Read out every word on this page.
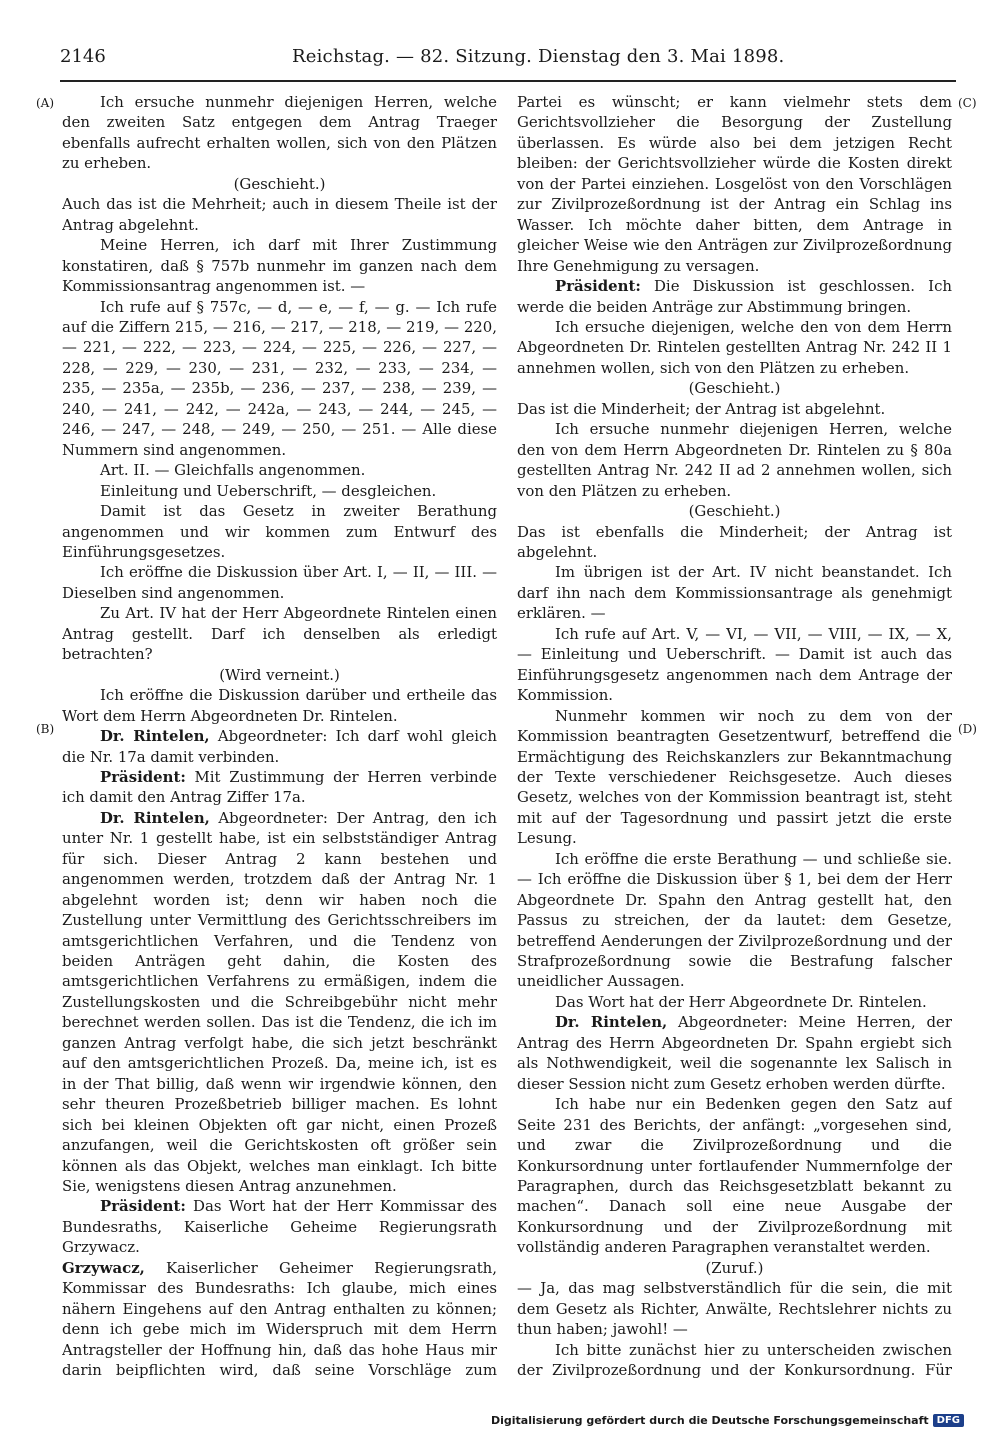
2146	Reichstag. — 82. Sitzung. Dienstag den 3. Mai 1898.
(A)
(B)
(C)
(D)

Ich ersuche nunmehr diejenigen Herren, welche den zweiten Satz entgegen dem Antrag Traeger ebenfalls aufrecht erhalten wollen, sich von den Plätzen zu erheben.

(Geschieht.)

Auch das ist die Mehrheit; auch in diesem Theile ist der Antrag abgelehnt.

Meine Herren, ich darf mit Ihrer Zustimmung konstatiren, daß § 757b nunmehr im ganzen nach dem Kommissionsantrag angenommen ist. —

Ich rufe auf § 757c, — d, — e, — f, — g. — Ich rufe auf die Ziffern 215, — 216, — 217, — 218, — 219, — 220, — 221, — 222, — 223, — 224, — 225, — 226, — 227, — 228, — 229, — 230, — 231, — 232, — 233, — 234, — 235, — 235a, — 235b, — 236, — 237, — 238, — 239, — 240, — 241, — 242, — 242a, — 243, — 244, — 245, — 246, — 247, — 248, — 249, — 250, — 251. — Alle diese Nummern sind angenommen.

Art. II. — Gleichfalls angenommen.

Einleitung und Ueberschrift, — desgleichen.

Damit ist das Gesetz in zweiter Berathung angenommen und wir kommen zum Entwurf des Einführungsgesetzes.

Ich eröffne die Diskussion über Art. I, — II, — III. — Dieselben sind angenommen.

Zu Art. IV hat der Herr Abgeordnete Rintelen einen Antrag gestellt. Darf ich denselben als erledigt betrachten?

(Wird verneint.)

Ich eröffne die Diskussion darüber und ertheile das Wort dem Herrn Abgeordneten Dr. Rintelen.

Dr. Rintelen, Abgeordneter: Ich darf wohl gleich die Nr. 17a damit verbinden.

Präsident: Mit Zustimmung der Herren verbinde ich damit den Antrag Ziffer 17a.

Dr. Rintelen, Abgeordneter: Der Antrag, den ich unter Nr. 1 gestellt habe, ist ein selbstständiger Antrag für sich. Dieser Antrag 2 kann bestehen und angenommen werden, trotzdem daß der Antrag Nr. 1 abgelehnt worden ist; denn wir haben noch die Zustellung unter Vermittlung des Gerichtsschreibers im amtsgerichtlichen Verfahren, und die Tendenz von beiden Anträgen geht dahin, die Kosten des amtsgerichtlichen Verfahrens zu ermäßigen, indem die Zustellungskosten und die Schreibgebühr nicht mehr berechnet werden sollen. Das ist die Tendenz, die ich im ganzen Antrag verfolgt habe, die sich jetzt beschränkt auf den amtsgerichtlichen Prozeß. Da, meine ich, ist es in der That billig, daß wenn wir irgendwie können, den sehr theuren Prozeßbetrieb billiger machen. Es lohnt sich bei kleinen Objekten oft gar nicht, einen Prozeß anzufangen, weil die Gerichtskosten oft größer sein können als das Objekt, welches man einklagt. Ich bitte Sie, wenigstens diesen Antrag anzunehmen.

Präsident: Das Wort hat der Herr Kommissar des Bundesraths, Kaiserliche Geheime Regierungsrath Grzywacz.

Grzywacz, Kaiserlicher Geheimer Regierungsrath, Kommissar des Bundesraths: Ich glaube, mich eines nähern Eingehens auf den Antrag enthalten zu können; denn ich gebe mich im Widerspruch mit dem Herrn Antragsteller der Hoffnung hin, daß das hohe Haus mir darin beipflichten wird, daß seine Vorschläge zum

Partei es wünscht; er kann vielmehr stets dem Gerichtsvollzieher die Besorgung der Zustellung überlassen. Es würde also bei dem jetzigen Recht bleiben: der Gerichtsvollzieher würde die Kosten direkt von der Partei einziehen. Losgelöst von den Vorschlägen zur Zivilprozeßordnung ist der Antrag ein Schlag ins Wasser. Ich möchte daher bitten, dem Antrage in gleicher Weise wie den Anträgen zur Zivilprozeßordnung Ihre Genehmigung zu versagen.

Präsident: Die Diskussion ist geschlossen. Ich werde die beiden Anträge zur Abstimmung bringen.

Ich ersuche diejenigen, welche den von dem Herrn Abgeordneten Dr. Rintelen gestellten Antrag Nr. 242 II 1 annehmen wollen, sich von den Plätzen zu erheben.

(Geschieht.)

Das ist die Minderheit; der Antrag ist abgelehnt.

Ich ersuche nunmehr diejenigen Herren, welche den von dem Herrn Abgeordneten Dr. Rintelen zu § 80a gestellten Antrag Nr. 242 II ad 2 annehmen wollen, sich von den Plätzen zu erheben.

(Geschieht.)

Das ist ebenfalls die Minderheit; der Antrag ist abgelehnt.

Im übrigen ist der Art. IV nicht beanstandet. Ich darf ihn nach dem Kommissionsantrage als genehmigt erklären. —

Ich rufe auf Art. V, — VI, — VII, — VIII, — IX, — X, — Einleitung und Ueberschrift. — Damit ist auch das Einführungsgesetz angenommen nach dem Antrage der Kommission.

Nunmehr kommen wir noch zu dem von der Kommission beantragten Gesetzentwurf, betreffend die Ermächtigung des Reichskanzlers zur Bekanntmachung der Texte verschiedener Reichsgesetze. Auch dieses Gesetz, welches von der Kommission beantragt ist, steht mit auf der Tagesordnung und passirt jetzt die erste Lesung.

Ich eröffne die erste Berathung — und schließe sie. — Ich eröffne die Diskussion über § 1, bei dem der Herr Abgeordnete Dr. Spahn den Antrag gestellt hat, den Passus zu streichen, der da lautet: dem Gesetze, betreffend Aenderungen der Zivilprozeßordnung und der Strafprozeßordnung sowie die Bestrafung falscher uneidlicher Aussagen.

Das Wort hat der Herr Abgeordnete Dr. Rintelen.

Dr. Rintelen, Abgeordneter: Meine Herren, der Antrag des Herrn Abgeordneten Dr. Spahn ergiebt sich als Nothwendigkeit, weil die sogenannte lex Salisch in dieser Session nicht zum Gesetz erhoben werden dürfte.

Ich habe nur ein Bedenken gegen den Satz auf Seite 231 des Berichts, der anfängt: „vorgesehen sind, und zwar die Zivilprozeßordnung und die Konkursordnung unter fortlaufender Nummernfolge der Paragraphen, durch das Reichsgesetzblatt bekannt zu machen“. Danach soll eine neue Ausgabe der Konkursordnung und der Zivilprozeßordnung mit vollständig anderen Paragraphen veranstaltet werden.

(Zuruf.)

— Ja, das mag selbstverständlich für die sein, die mit dem Gesetz als Richter, Anwälte, Rechtslehrer nichts zu thun haben; jawohl! —

Ich bitte zunächst hier zu unterscheiden zwischen der Zivilprozeßordnung und der Konkursordnung. Für

Digitalisierung gefördert durch die Deutsche Forschungsgemeinschaft DFG
